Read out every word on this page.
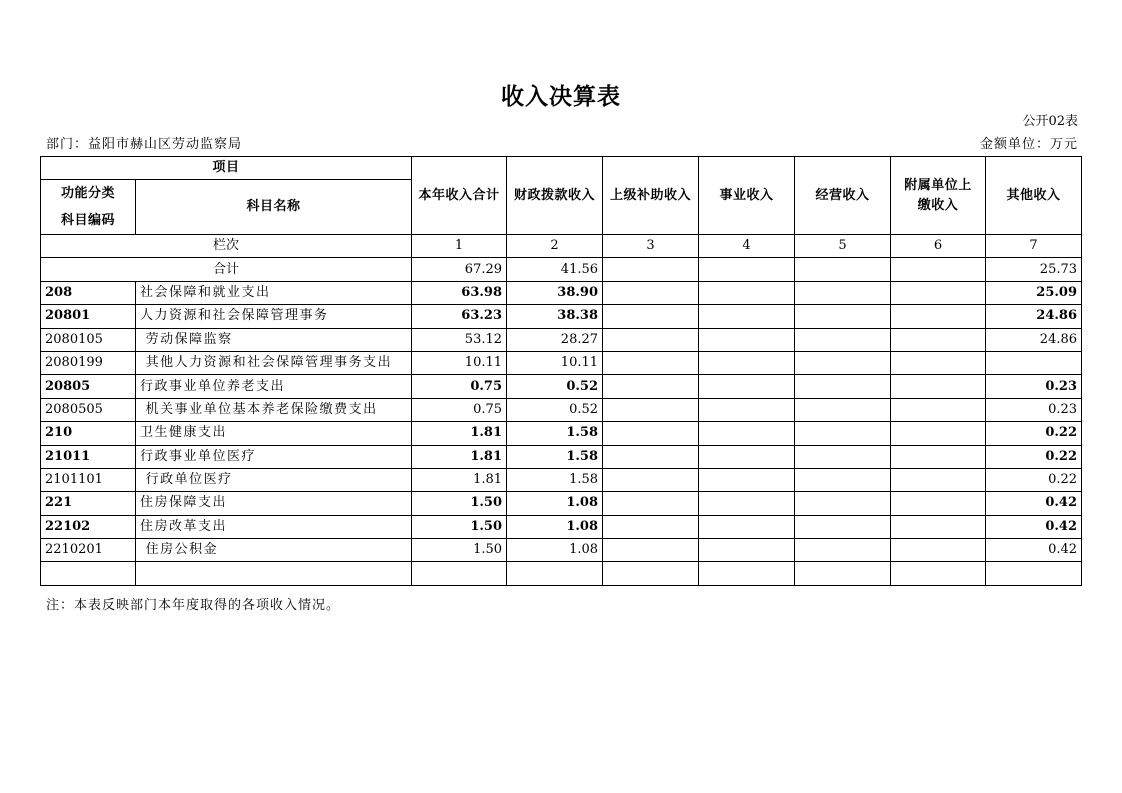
收入决算表
公开02表
部门：益阳市赫山区劳动监察局	金额单位：万元
项目		本年收入合计	财政拨款收入	上级补助收入	事业收入	经营收入	附属单位上缴收入	其他收入

功能分类
科目编码	科目名称							
栏次		1	2	3	4	5	6	7
合计		67.29	41.56					25.73
208	社会保障和就业支出	63.98	38.90					25.09
20801	人力资源和社会保障管理事务	63.23	38.38					24.86
2080105	劳动保障监察	53.12	28.27					24.86
2080199	其他人力资源和社会保障管理事务支出	10.11	10.11					
20805	行政事业单位养老支出	0.75	0.52					0.23
2080505	机关事业单位基本养老保险缴费支出	0.75	0.52					0.23
210	卫生健康支出	1.81	1.58					0.22
21011	行政事业单位医疗	1.81	1.58					0.22
2101101	行政单位医疗	1.81	1.58					0.22
221	住房保障支出	1.50	1.08					0.42
22102	住房改革支出	1.50	1.08					0.42
2210201	住房公积金	1.50	1.08					0.42

注：本表反映部门本年度取得的各项收入情况。
